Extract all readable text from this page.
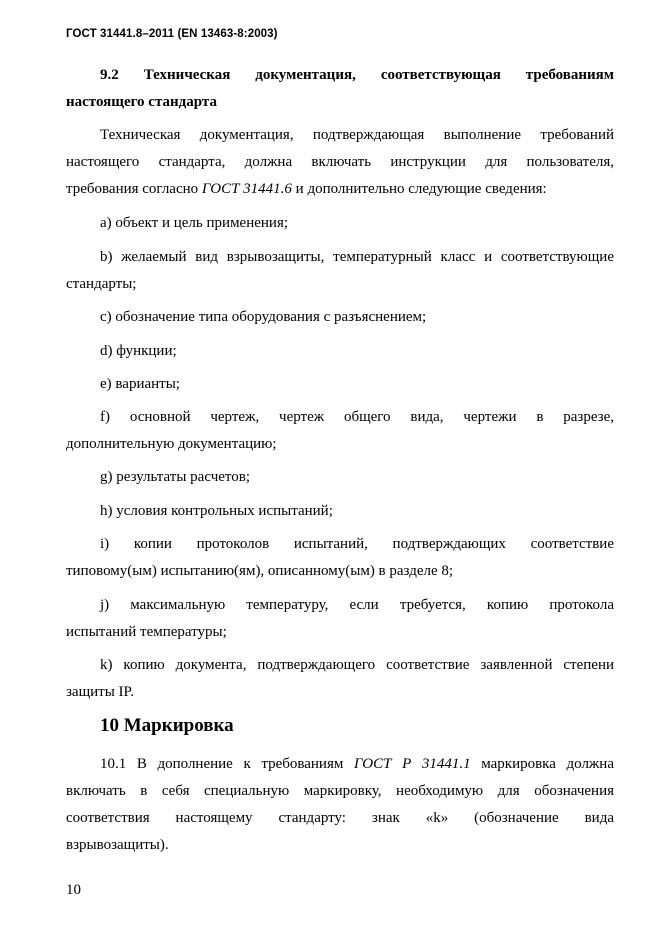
ГОСТ 31441.8–2011 (EN 13463-8:2003)
9.2 Техническая документация, соответствующая требованиям
настоящего стандарта
Техническая документация, подтверждающая выполнение требований
настоящего стандарта, должна включать инструкции для пользователя,
требования согласно ГОСТ 31441.6 и дополнительно следующие сведения:
а) объект и цель применения;
b) желаемый вид взрывозащиты, температурный класс и соответствующие
стандарты;
c) обозначение типа оборудования с разъяснением;
d) функции;
e) варианты;
f) основной чертеж, чертеж общего вида, чертежи в разрезе,
дополнительную документацию;
g) результаты расчетов;
h) условия контрольных испытаний;
i) копии протоколов испытаний, подтверждающих соответствие
типовому(ым) испытанию(ям), описанному(ым) в разделе 8;
j) максимальную температуру, если требуется, копию протокола
испытаний температуры;
k) копию документа, подтверждающего соответствие заявленной степени
защиты IP.
10 Маркировка
10.1 В дополнение к требованиям ГОСТ Р 31441.1 маркировка должна
включать в себя специальную маркировку, необходимую для обозначения
соответствия настоящему стандарту: знак «k» (обозначение вида
взрывозащиты).
10
